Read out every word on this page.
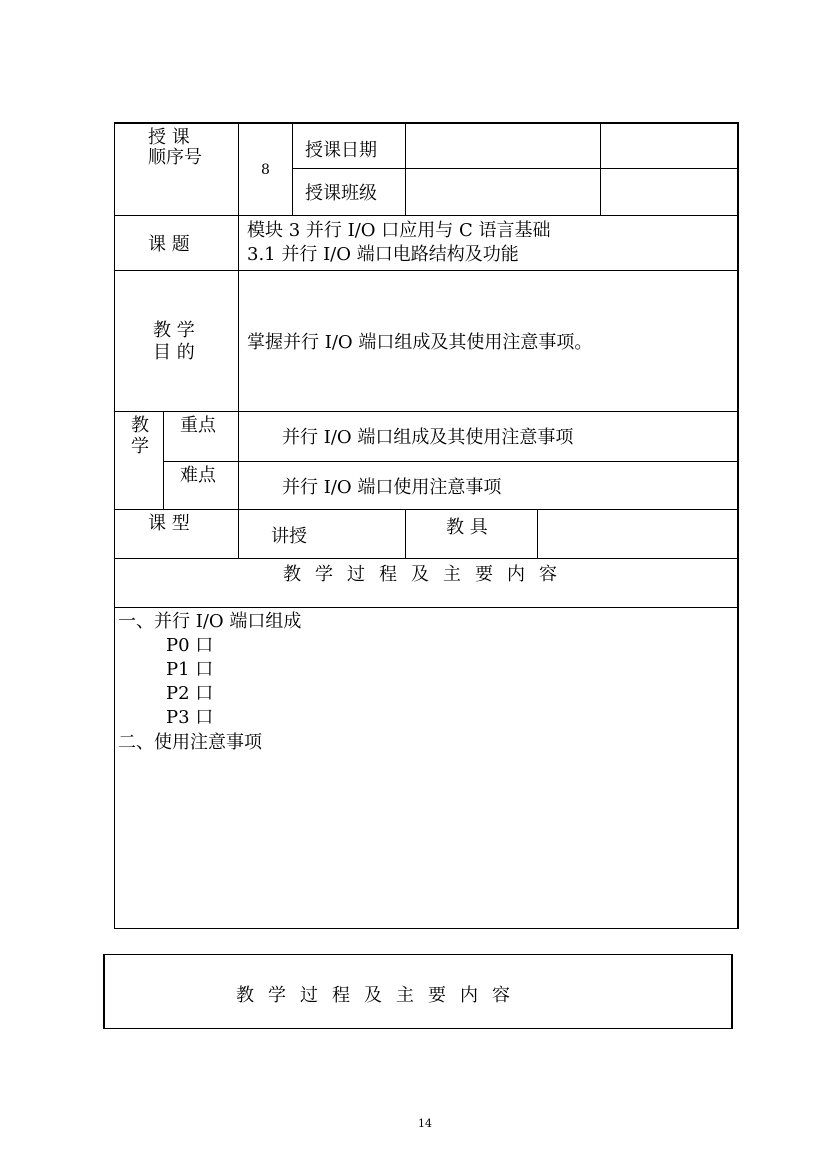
授 课
顺序号
8
授课日期
授课班级
课 题
模块 3 并行 I/O 口应用与 C 语言基础
3.1 并行 I/O 端口电路结构及功能
教 学
目 的	掌握并行 I/O 端口组成及其使用注意事项。
教
学
重点
并行 I/O 端口组成及其使用注意事项
难点
并行 I/O 端口使用注意事项
课 型
讲授	教 具
教学过程及主要内容
一、并行 I/O 端口组成
P0 口
P1 口
P2 口
P3 口
二、使用注意事项
教学过程及主要内容
14
